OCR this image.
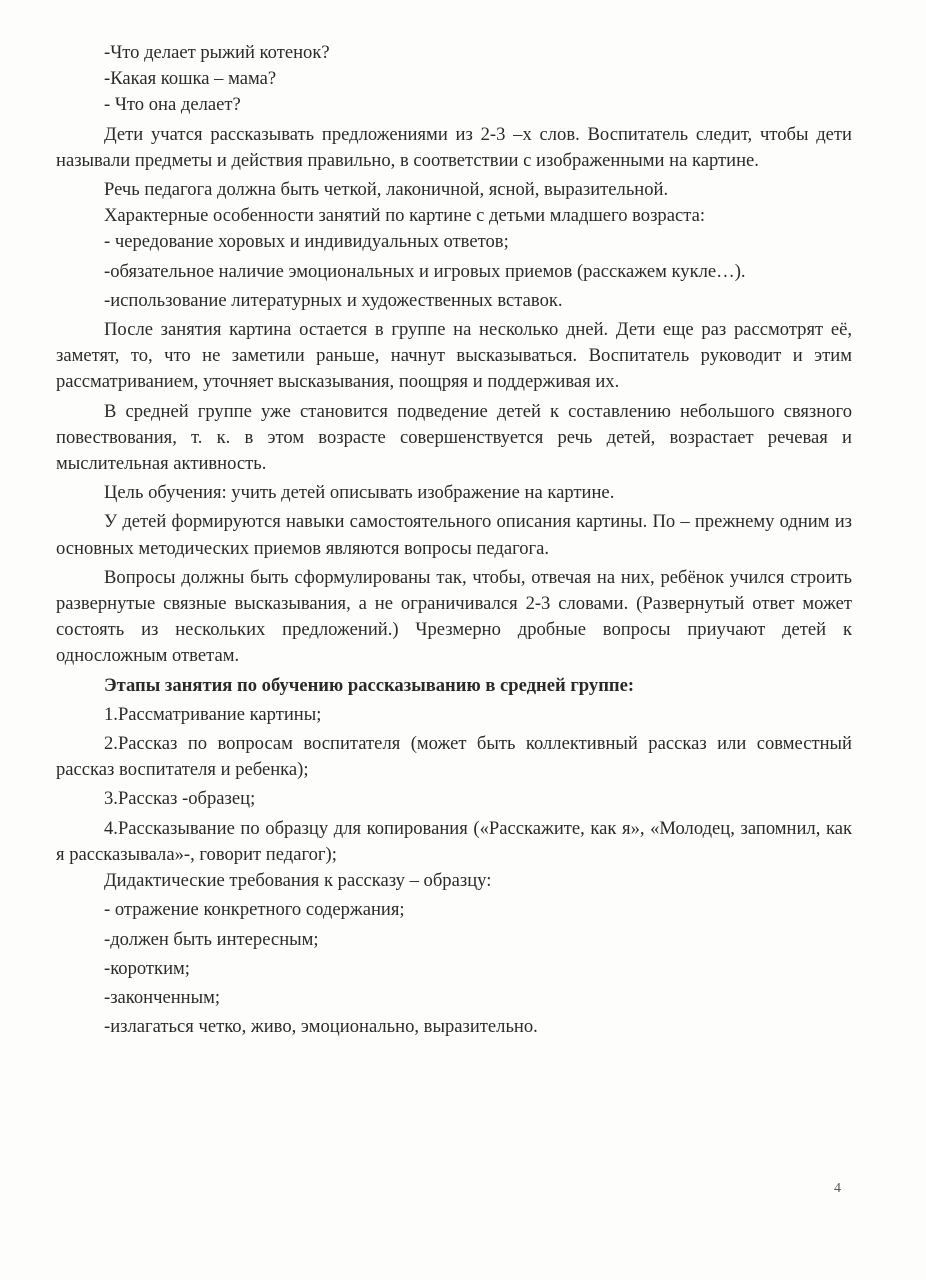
-Что делает рыжий котенок?

-Какая кошка – мама?

- Что она делает?

Дети учатся рассказывать предложениями из 2-3 –х слов. Воспитатель следит, чтобы дети называли предметы и действия правильно, в соответствии с изображенными на картине.

Речь педагога должна быть четкой, лаконичной, ясной, выразительной.

Характерные особенности занятий по картине с детьми младшего возраста:

- чередование хоровых и индивидуальных ответов;

-обязательное наличие эмоциональных и игровых приемов (расскажем кукле…).

-использование литературных и художественных вставок.

После занятия картина остается в группе на несколько дней. Дети еще раз рассмотрят её, заметят, то, что не заметили раньше, начнут высказываться. Воспитатель руководит и этим рассматриванием, уточняет высказывания, поощряя и поддерживая их.

В средней группе уже становится подведение детей к составлению небольшого связного повествования, т. к. в этом возрасте совершенствуется речь детей, возрастает речевая и мыслительная активность.

Цель обучения: учить детей описывать изображение на картине.

У детей формируются навыки самостоятельного описания картины. По – прежнему одним из основных методических приемов являются вопросы педагога.

Вопросы должны быть сформулированы так, чтобы, отвечая на них, ребёнок учился строить развернутые связные высказывания, а не ограничивался 2-3 словами. (Развернутый ответ может состоять из нескольких предложений.) Чрезмерно дробные вопросы приучают детей к односложным ответам.

Этапы занятия по обучению рассказыванию в средней группе:

1.Рассматривание картины;

2.Рассказ по вопросам воспитателя (может быть коллективный рассказ или совместный рассказ воспитателя и ребенка);

3.Рассказ -образец;

4.Рассказывание по образцу для копирования («Расскажите, как я», «Молодец, запомнил, как я рассказывала»-, говорит педагог);

Дидактические требования к рассказу – образцу:

- отражение конкретного содержания;

-должен быть интересным;

-коротким;

-законченным;

-излагаться четко, живо, эмоционально, выразительно.

4
